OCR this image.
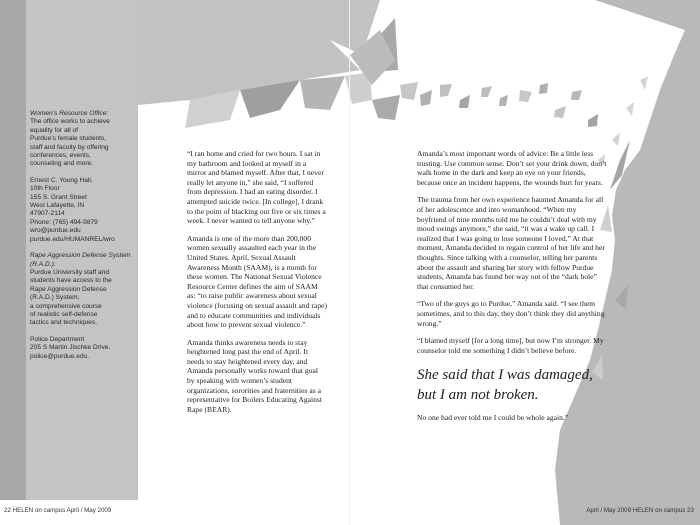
Women’s Resource Office:
The office works to achieve
equality for all of
Purdue’s female students,
staff and faculty by offering
conferences, events,
counseling and more.
Ernest C. Young Hall,
10th Floor
155 S. Grant Street
West Lafayette, IN
47907-2114
Phone: (765) 494-9879
wro@purdue.edu
purdue.edu/HUMANREL/wro
Rape Aggression Defense System (R.A.D.):
Purdue University staff and
students have access to the
Rape Aggression Defense
(R.A.D.) System,
a comprehensive course
of realistic self-defense
tactics and techniques.
Police Department
205 S Martin Jischke Drive.
police@purdue.edu.

“I ran home and cried for two hours. I sat in my bathroom and looked at myself in a mirror and blamed myself. After that, I never really let anyone in,” she said, “I suffered from depression. I had an eating disorder. I attempted suicide twice. [In college], I drank to the point of blacking out five or six times a week. I never wanted to tell anyone why.”

Amanda is one of the more than 200,000 women sexually assaulted each year in the United States. April, Sexual Assault Awareness Month (SAAM), is a month for these women. The National Sexual Violence Resource Center defines the aim of SAAM as: “to raise public awareness about sexual violence (focusing on sexual assault and rape) and to educate communities and individuals about how to prevent sexual violence.”

Amanda thinks awareness needs to stay heightened long past the end of April. It needs to stay heightened every day, and Amanda personally works toward that goal by speaking with women’s student organizations, sororities and fraternities as a representative for Boilers Educating Against Rape (BEAR).

Amanda’s most important words of advice: Be a little less trusting. Use common sense. Don’t set your drink down, don’t walk home in the dark and keep an eye on your friends, because once an incident happens, the wounds hurt for years.

The trauma from her own experience haunted Amanda for all of her adolescence and into womanhood. “When my boyfriend of nine months told me he couldn’t deal with my mood swings anymore,” she said, “it was a wake up call. I realized that I was going to lose someone I loved.” At that moment, Amanda decided to regain control of her life and her thoughts. Since talking with a counselor, telling her parents about the assault and sharing her story with fellow Purdue students, Amanda has found her way out of the “dark hole” that consumed her.

“Two of the guys go to Purdue,” Amanda said. “I see them sometimes, and to this day, they don’t think they did anything wrong.”

“I blamed myself [for a long time], but now I’m stronger. My counselor told me something I didn’t believe before.

She said that I was damaged, but I am not broken.

No one had ever told me I could be whole again.”

22 HELEN on campus April / May 2009	April / May 2009 HELEN on campus 23
